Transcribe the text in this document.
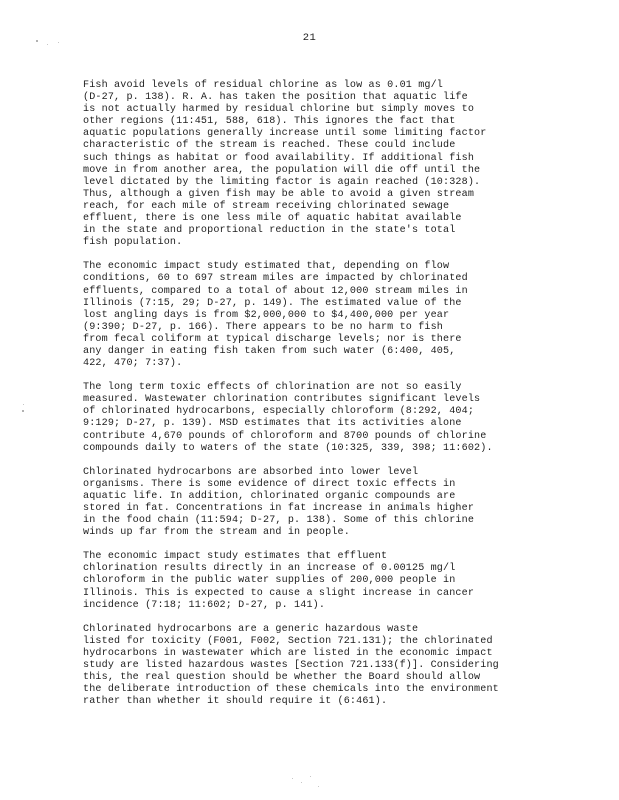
21
Fish avoid levels of residual chlorine as low as 0.01 mg/l
(D-27, p. 138). R. A. has taken the position that aquatic life
is not actually harmed by residual chlorine but simply moves to
other regions (11:451, 588, 618). This ignores the fact that
aquatic populations generally increase until some limiting factor
characteristic of the stream is reached. These could include
such things as habitat or food availability. If additional fish
move in from another area, the population will die off until the
level dictated by the limiting factor is again reached (10:328).
Thus, although a given fish may be able to avoid a given stream
reach, for each mile of stream receiving chlorinated sewage
effluent, there is one less mile of aquatic habitat available
in the state and proportional reduction in the state's total
fish population.
The economic impact study estimated that, depending on flow
conditions, 60 to 697 stream miles are impacted by chlorinated
effluents, compared to a total of about 12,000 stream miles in
Illinois (7:15, 29; D-27, p. 149). The estimated value of the
lost angling days is from $2,000,000 to $4,400,000 per year
(9:390; D-27, p. 166). There appears to be no harm to fish
from fecal coliform at typical discharge levels; nor is there
any danger in eating fish taken from such water (6:400, 405,
422, 470; 7:37).
The long term toxic effects of chlorination are not so easily
measured. Wastewater chlorination contributes significant levels
of chlorinated hydrocarbons, especially chloroform (8:292, 404;
9:129; D-27, p. 139). MSD estimates that its activities alone
contribute 4,670 pounds of chloroform and 8700 pounds of chlorine
compounds daily to waters of the state (10:325, 339, 398; 11:602).
Chlorinated hydrocarbons are absorbed into lower level
organisms. There is some evidence of direct toxic effects in
aquatic life. In addition, chlorinated organic compounds are
stored in fat. Concentrations in fat increase in animals higher
in the food chain (11:594; D-27, p. 138). Some of this chlorine
winds up far from the stream and in people.
The economic impact study estimates that effluent
chlorination results directly in an increase of 0.00125 mg/l
chloroform in the public water supplies of 200,000 people in
Illinois. This is expected to cause a slight increase in cancer
incidence (7:18; 11:602; D-27, p. 141).
Chlorinated hydrocarbons are a generic hazardous waste
listed for toxicity (F001, F002, Section 721.131); the chlorinated
hydrocarbons in wastewater which are listed in the economic impact
study are listed hazardous wastes [Section 721.133(f)]. Considering
this, the real question should be whether the Board should allow
the deliberate introduction of these chemicals into the environment
rather than whether it should require it (6:461).
